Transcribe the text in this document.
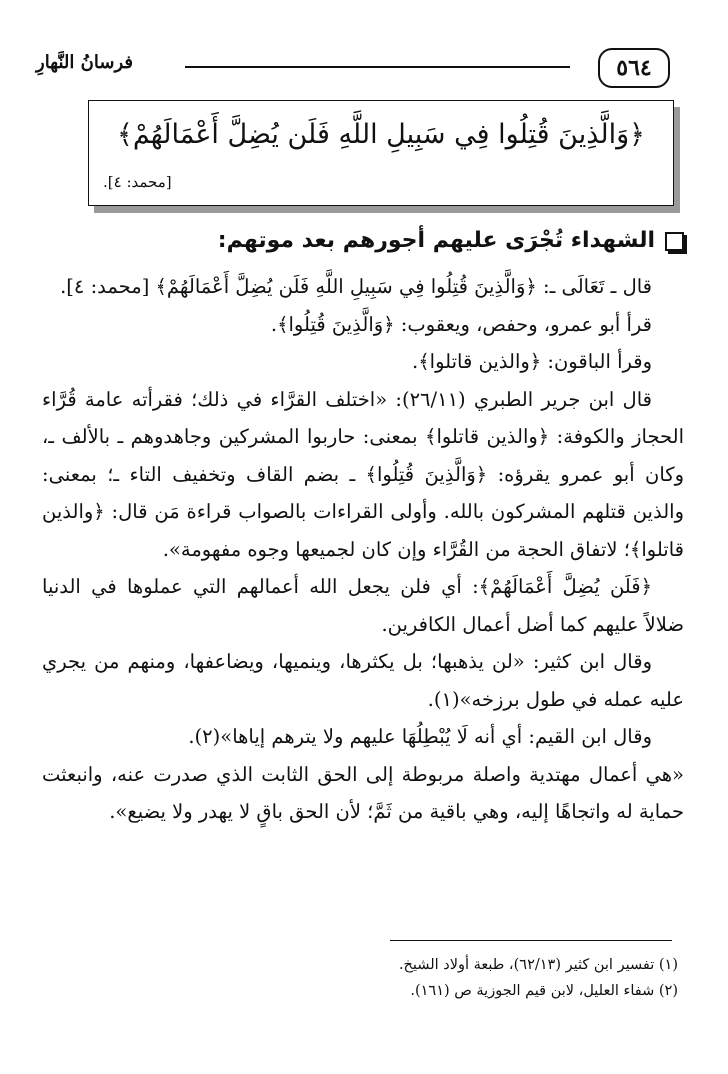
٥٦٤
فرسانُ النَّهارِ
﴿وَالَّذِينَ قُتِلُوا فِي سَبِيلِ اللَّهِ فَلَن يُضِلَّ أَعْمَالَهُمْ﴾
[محمد: ٤].
الشهداء تُجْرَى عليهم أجورهم بعد موتهم:

قال ـ تَعَالَى ـ: ﴿وَالَّذِينَ قُتِلُوا فِي سَبِيلِ اللَّهِ فَلَن يُضِلَّ أَعْمَالَهُمْ﴾ [محمد: ٤].

قرأ أبو عمرو، وحفص، ويعقوب: ﴿وَالَّذِينَ قُتِلُوا﴾.

وقرأ الباقون: ﴿والذين قاتلوا﴾.

قال ابن جرير الطبري (٢٦/١١): «اختلف القرَّاء في ذلك؛ فقرأته عامة قُرَّاء الحجاز والكوفة: ﴿والذين قاتلوا﴾ بمعنى: حاربوا المشركين وجاهدوهم ـ بالألف ـ، وكان أبو عمرو يقرؤه: ﴿وَالَّذِينَ قُتِلُوا﴾ ـ بضم القاف وتخفيف التاء ـ؛ بمعنى: والذين قتلهم المشركون بالله. وأولى القراءات بالصواب قراءة مَن قال: ﴿والذين قاتلوا﴾؛ لاتفاق الحجة من القُرَّاء وإن كان لجميعها وجوه مفهومة».

﴿فَلَن يُضِلَّ أَعْمَالَهُمْ﴾: أي فلن يجعل الله أعمالهم التي عملوها في الدنيا ضلالاً عليهم كما أضل أعمال الكافرين.

وقال ابن كثير: «لن يذهبها؛ بل يكثرها، وينميها، ويضاعفها، ومنهم من يجري عليه عمله في طول برزخه»(١).

وقال ابن القيم: أي أنه لَا يُبْطِلُهَا عليهم ولا يترهم إياها»(٢).

«هي أعمال مهتدية واصلة مربوطة إلى الحق الثابت الذي صدرت عنه، وانبعثت حماية له واتجاهًا إليه، وهي باقية من ثَمَّ؛ لأن الحق باقٍ لا يهدر ولا يضيع».

(١) تفسير ابن كثير (٦٢/١٣)، طبعة أولاد الشيخ.

(٢) شفاء العليل، لابن قيم الجوزية ص (١٦١).
